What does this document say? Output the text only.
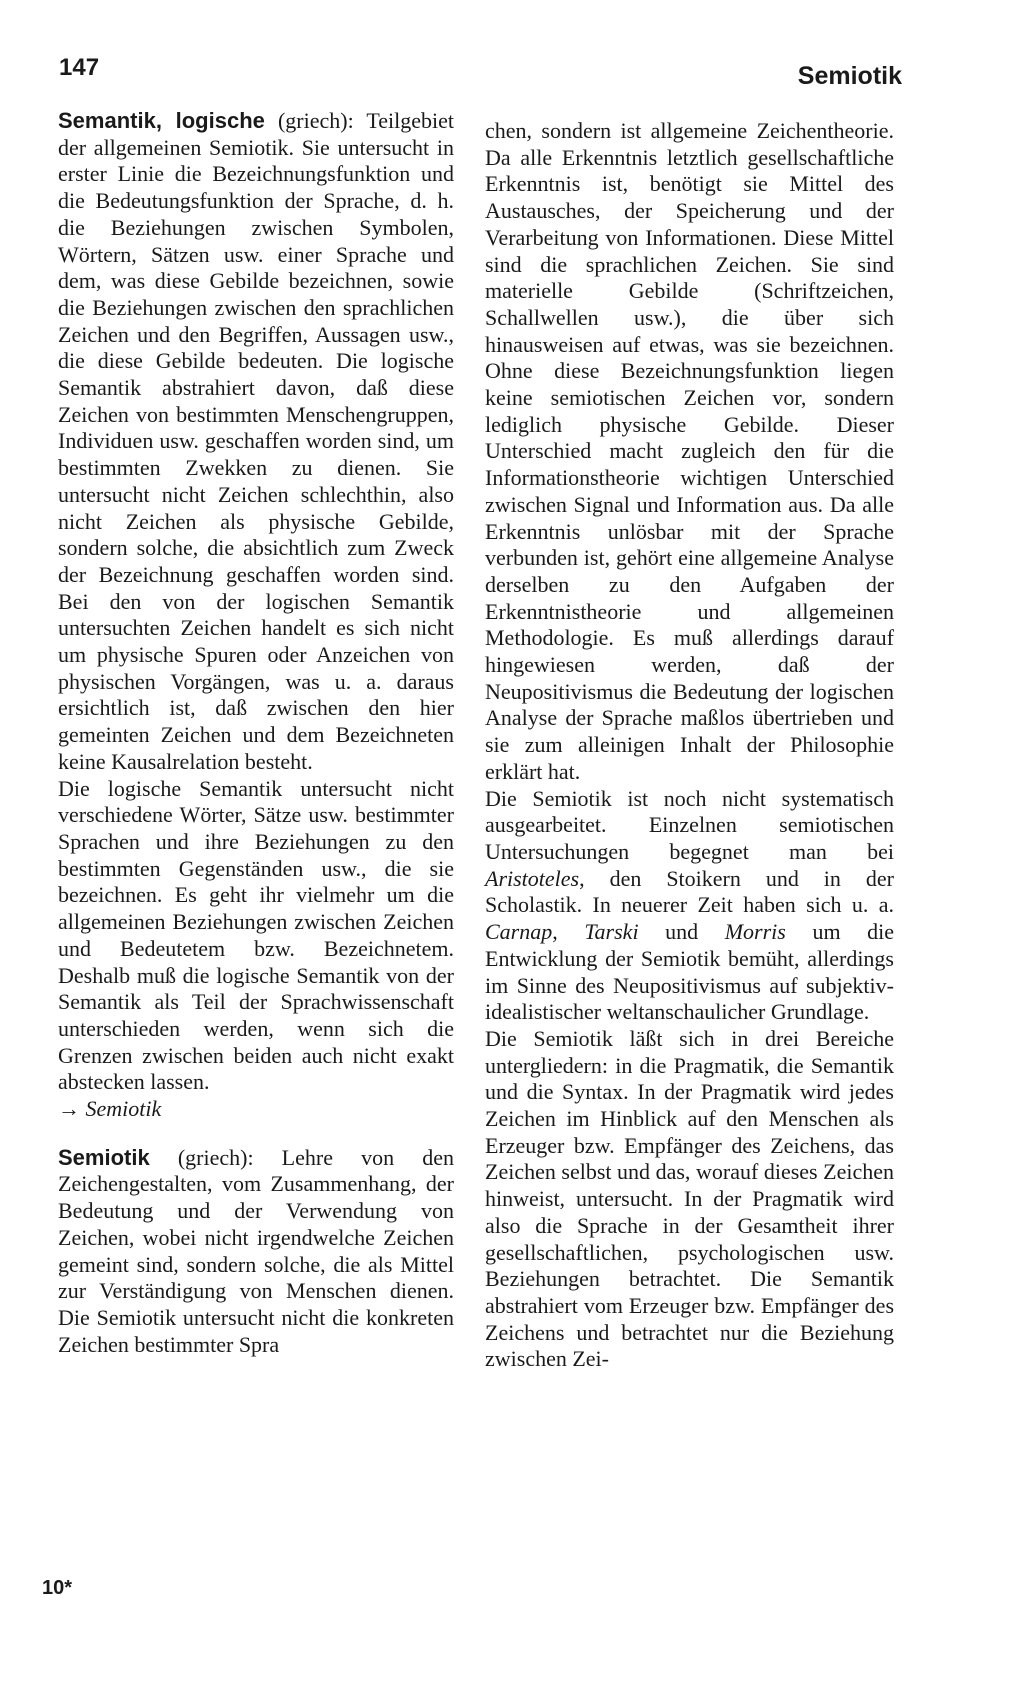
147	Semiotik

Semantik, logische (griech): Teilgebiet der allgemeinen Semiotik. Sie untersucht in erster Linie die Bezeichnungsfunktion und die Bedeutungsfunktion der Sprache, d. h. die Beziehungen zwischen Symbolen, Wörtern, Sätzen usw. einer Sprache und dem, was diese Gebilde bezeichnen, sowie die Beziehungen zwischen den sprachlichen Zeichen und den Begriffen, Aussagen usw., die diese Gebilde bedeuten. Die logische Semantik abstrahiert davon, daß diese Zeichen von bestimmten Menschengruppen, Individuen usw. geschaffen worden sind, um bestimmten Zwekken zu dienen. Sie untersucht nicht Zeichen schlechthin, also nicht Zeichen als physische Gebilde, sondern solche, die absichtlich zum Zweck der Bezeichnung geschaffen worden sind. Bei den von der logischen Semantik untersuchten Zeichen handelt es sich nicht um physische Spuren oder Anzeichen von physischen Vorgängen, was u. a. daraus ersichtlich ist, daß zwischen den hier gemeinten Zeichen und dem Bezeichneten keine Kausalrelation besteht.

Die logische Semantik untersucht nicht verschiedene Wörter, Sätze usw. bestimmter Sprachen und ihre Beziehungen zu den bestimmten Gegenständen usw., die sie bezeichnen. Es geht ihr vielmehr um die allgemeinen Beziehungen zwischen Zeichen und Bedeutetem bzw. Bezeichnetem. Deshalb muß die logische Semantik von der Semantik als Teil der Sprachwissenschaft unterschieden werden, wenn sich die Grenzen zwischen beiden auch nicht exakt abstecken lassen.

→ Semiotik

Semiotik (griech): Lehre von den Zeichengestalten, vom Zusammenhang, der Bedeutung und der Verwendung von Zeichen, wobei nicht irgendwelche Zeichen gemeint sind, sondern solche, die als Mittel zur Verständigung von Menschen dienen. Die Semiotik untersucht nicht die konkreten Zeichen bestimmter Spra

chen, sondern ist allgemeine Zeichentheorie. Da alle Erkenntnis letztlich gesellschaftliche Erkenntnis ist, benötigt sie Mittel des Austausches, der Speicherung und der Verarbeitung von Informationen. Diese Mittel sind die sprachlichen Zeichen. Sie sind materielle Gebilde (Schriftzeichen, Schallwellen usw.), die über sich hinausweisen auf etwas, was sie bezeichnen. Ohne diese Bezeichnungsfunktion liegen keine semiotischen Zeichen vor, sondern lediglich physische Gebilde. Dieser Unterschied macht zugleich den für die Informationstheorie wichtigen Unterschied zwischen Signal und Information aus. Da alle Erkenntnis unlösbar mit der Sprache verbunden ist, gehört eine allgemeine Analyse derselben zu den Aufgaben der Erkenntnistheorie und allgemeinen Methodologie. Es muß allerdings darauf hingewiesen werden, daß der Neupositivismus die Bedeutung der logischen Analyse der Sprache maßlos übertrieben und sie zum alleinigen Inhalt der Philosophie erklärt hat.

Die Semiotik ist noch nicht systematisch ausgearbeitet. Einzelnen semiotischen Untersuchungen begegnet man bei Aristoteles, den Stoikern und in der Scholastik. In neuerer Zeit haben sich u. a. Carnap, Tarski und Morris um die Entwicklung der Semiotik bemüht, allerdings im Sinne des Neupositivismus auf subjektiv-idealistischer weltanschaulicher Grundlage.

Die Semiotik läßt sich in drei Bereiche untergliedern: in die Pragmatik, die Semantik und die Syntax. In der Pragmatik wird jedes Zeichen im Hinblick auf den Menschen als Erzeuger bzw. Empfänger des Zeichens, das Zeichen selbst und das, worauf dieses Zeichen hinweist, untersucht. In der Pragmatik wird also die Sprache in der Gesamtheit ihrer gesellschaftlichen, psychologischen usw. Beziehungen betrachtet. Die Semantik abstrahiert vom Erzeuger bzw. Empfänger des Zeichens und betrachtet nur die Beziehung zwischen Zei-

10*
